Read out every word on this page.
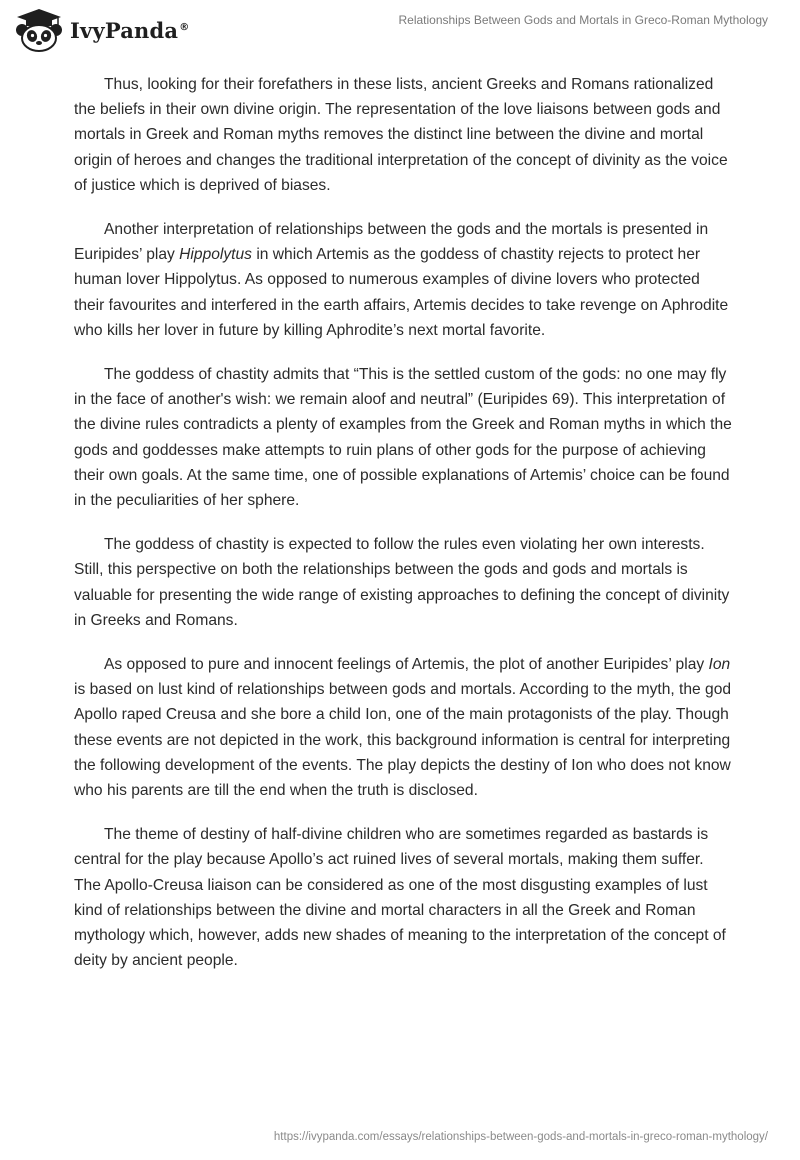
IvyPanda®	Relationships Between Gods and Mortals in Greco-Roman Mythology

Thus, looking for their forefathers in these lists, ancient Greeks and Romans rationalized the beliefs in their own divine origin. The representation of the love liaisons between gods and mortals in Greek and Roman myths removes the distinct line between the divine and mortal origin of heroes and changes the traditional interpretation of the concept of divinity as the voice of justice which is deprived of biases.

Another interpretation of relationships between the gods and the mortals is presented in Euripides’ play Hippolytus in which Artemis as the goddess of chastity rejects to protect her human lover Hippolytus. As opposed to numerous examples of divine lovers who protected their favourites and interfered in the earth affairs, Artemis decides to take revenge on Aphrodite who kills her lover in future by killing Aphrodite’s next mortal favorite.

The goddess of chastity admits that “This is the settled custom of the gods: no one may fly in the face of another's wish: we remain aloof and neutral” (Euripides 69). This interpretation of the divine rules contradicts a plenty of examples from the Greek and Roman myths in which the gods and goddesses make attempts to ruin plans of other gods for the purpose of achieving their own goals. At the same time, one of possible explanations of Artemis’ choice can be found in the peculiarities of her sphere.

The goddess of chastity is expected to follow the rules even violating her own interests. Still, this perspective on both the relationships between the gods and gods and mortals is valuable for presenting the wide range of existing approaches to defining the concept of divinity in Greeks and Romans.

As opposed to pure and innocent feelings of Artemis, the plot of another Euripides’ play Ion is based on lust kind of relationships between gods and mortals. According to the myth, the god Apollo raped Creusa and she bore a child Ion, one of the main protagonists of the play. Though these events are not depicted in the work, this background information is central for interpreting the following development of the events. The play depicts the destiny of Ion who does not know who his parents are till the end when the truth is disclosed.

The theme of destiny of half-divine children who are sometimes regarded as bastards is central for the play because Apollo’s act ruined lives of several mortals, making them suffer. The Apollo-Creusa liaison can be considered as one of the most disgusting examples of lust kind of relationships between the divine and mortal characters in all the Greek and Roman mythology which, however, adds new shades of meaning to the interpretation of the concept of deity by ancient people.

https://ivypanda.com/essays/relationships-between-gods-and-mortals-in-greco-roman-mythology/
